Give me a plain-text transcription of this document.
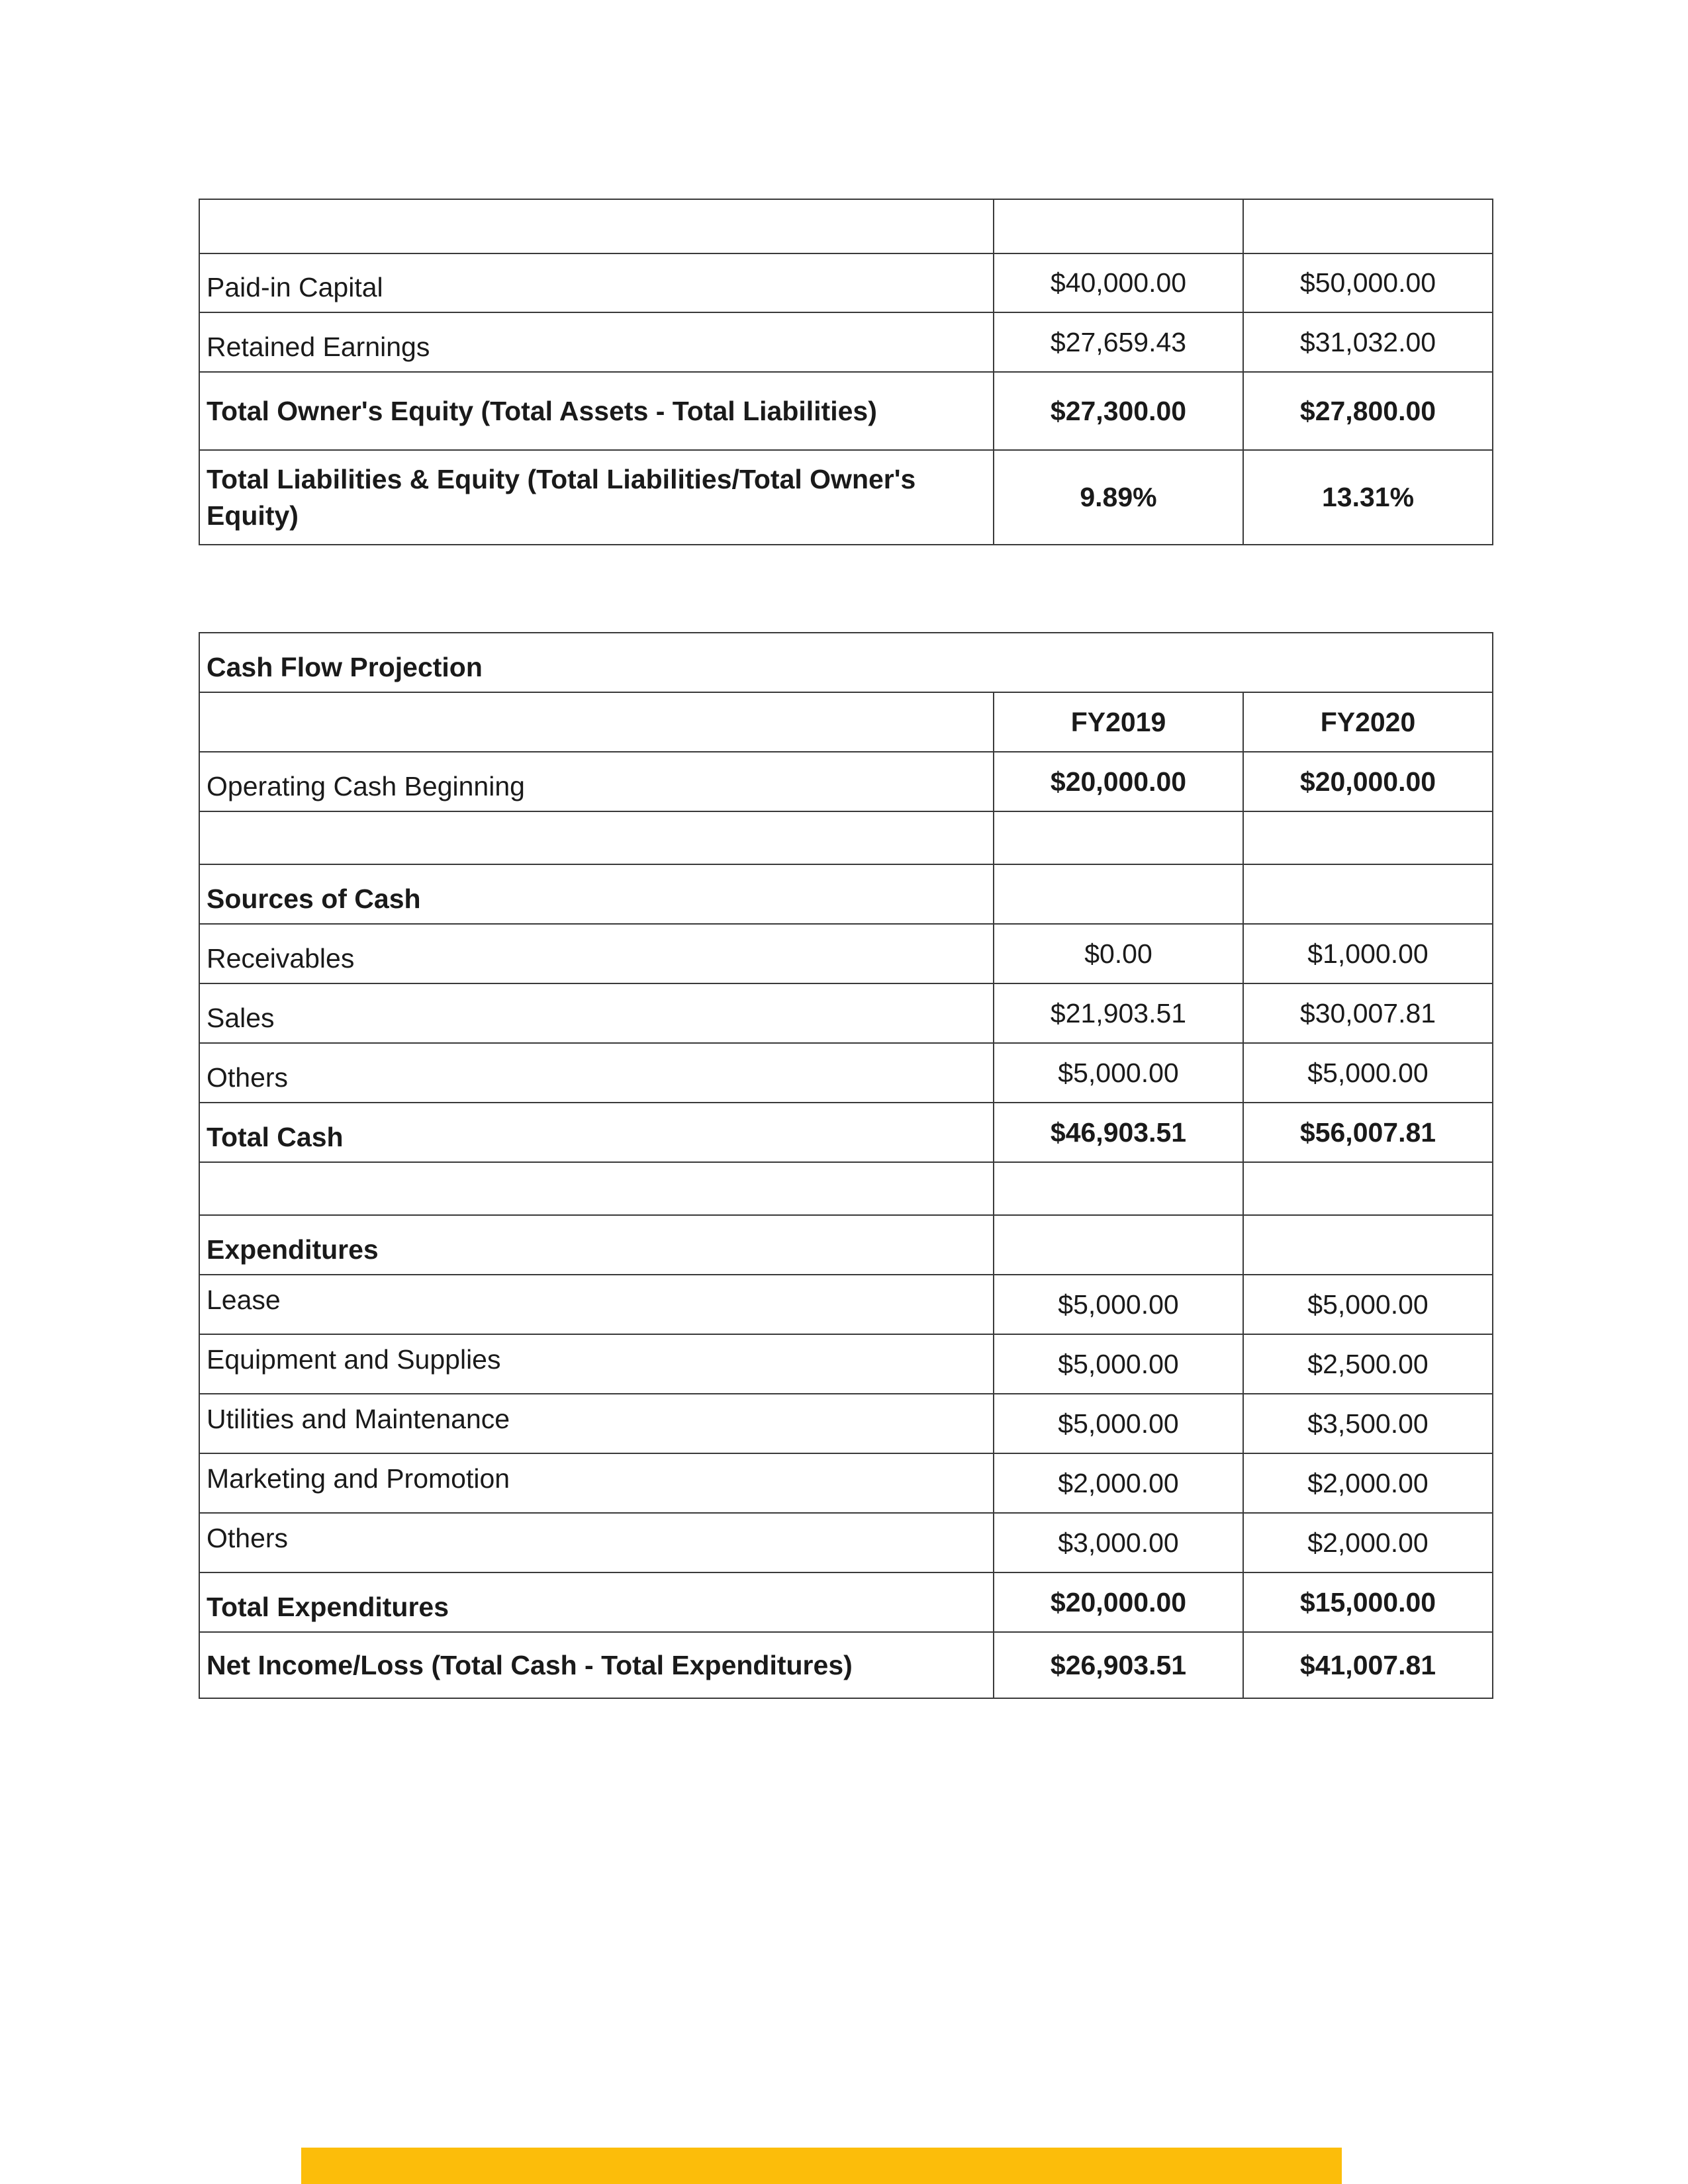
Paid-in Capital	$40,000.00	$50,000.00
Retained Earnings	$27,659.43	$31,032.00
Total Owner's Equity (Total Assets - Total Liabilities)	$27,300.00	$27,800.00
Total Liabilities & Equity (Total Liabilities/Total Owner's Equity)	9.89%	13.31%
Cash Flow Projection		
	FY2019	FY2020
Operating Cash Beginning	$20,000.00	$20,000.00

Sources of Cash		
Receivables	$0.00	$1,000.00
Sales	$21,903.51	$30,007.81
Others	$5,000.00	$5,000.00
Total Cash	$46,903.51	$56,007.81

Expenditures		
Lease	$5,000.00	$5,000.00
Equipment and Supplies	$5,000.00	$2,500.00
Utilities and Maintenance	$5,000.00	$3,500.00
Marketing and Promotion	$2,000.00	$2,000.00
Others	$3,000.00	$2,000.00
Total Expenditures	$20,000.00	$15,000.00
Net Income/Loss (Total Cash - Total Expenditures)	$26,903.51	$41,007.81
